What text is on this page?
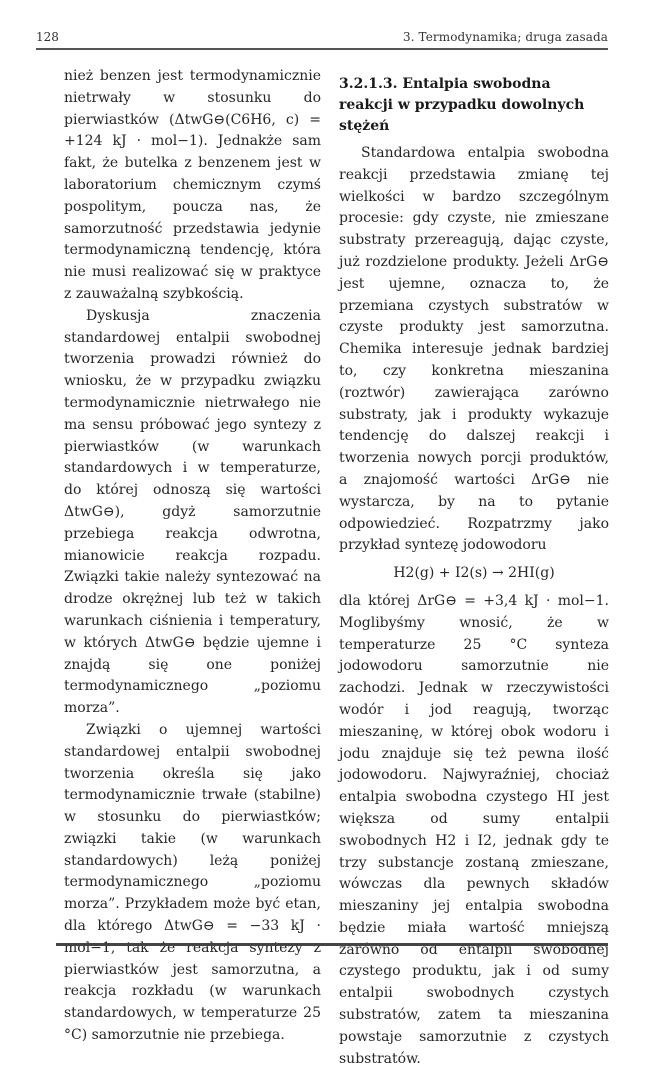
128	3. Termodynamika; druga zasada

nież benzen jest termodynamicznie nietrwały w stosunku do pierwiastków (ΔtwG⊖(C6H6, c) = +124 kJ · mol−1). Jednakże sam fakt, że butelka z benzenem jest w laboratorium chemicznym czymś pospolitym, poucza nas, że samorzutność przedstawia jedynie termodynamiczną tendencję, która nie musi realizować się w praktyce z zauważalną szybkością.

Dyskusja znaczenia standardowej entalpii swobodnej tworzenia prowadzi również do wniosku, że w przypadku związku termodynamicznie nietrwałego nie ma sensu próbować jego syntezy z pierwiastków (w warunkach standardowych i w temperaturze, do której odnoszą się wartości ΔtwG⊖), gdyż samorzutnie przebiega reakcja odwrotna, mianowicie reakcja rozpadu. Związki takie należy syntezować na drodze okrężnej lub też w takich warunkach ciśnienia i temperatury, w których ΔtwG⊖ będzie ujemne i znajdą się one poniżej termodynamicznego „poziomu morza”.

Związki o ujemnej wartości standardowej entalpii swobodnej tworzenia określa się jako termodynamicznie trwałe (stabilne) w stosunku do pierwiastków; związki takie (w warunkach standardowych) leżą poniżej termodynamicznego „poziomu morza”. Przykładem może być etan, dla którego ΔtwG⊖ = −33 kJ · mol−1, tak że reakcja syntezy z pierwiastków jest samorzutna, a reakcja rozkładu (w warunkach standardowych, w temperaturze 25 °C) samorzutnie nie przebiega.

3.2.1.3. Entalpia swobodna reakcji w przypadku dowolnych stężeń

Standardowa entalpia swobodna reakcji przedstawia zmianę tej wielkości w bardzo szczególnym procesie: gdy czyste, nie zmieszane substraty przereagują, dając czyste, już rozdzielone produkty. Jeżeli ΔrG⊖ jest ujemne, oznacza to, że przemiana czystych substratów w czyste produkty jest samorzutna. Chemika interesuje jednak bardziej to, czy konkretna mieszanina (roztwór) zawierająca zarówno substraty, jak i produkty wykazuje tendencję do dalszej reakcji i tworzenia nowych porcji produktów, a znajomość wartości ΔrG⊖ nie wystarcza, by na to pytanie odpowiedzieć. Rozpatrzmy jako przykład syntezę jodowodoru

H2(g) + I2(s) → 2HI(g)

dla której ΔrG⊖ = +3,4 kJ · mol−1. Moglibyśmy wnosić, że w temperaturze 25 °C synteza jodowodoru samorzutnie nie zachodzi. Jednak w rzeczywistości wodór i jod reagują, tworząc mieszaninę, w której obok wodoru i jodu znajduje się też pewna ilość jodowodoru. Najwyraźniej, chociaż entalpia swobodna czystego HI jest większa od sumy entalpii swobodnych H2 i I2, jednak gdy te trzy substancje zostaną zmieszane, wówczas dla pewnych składów mieszaniny jej entalpia swobodna będzie miała wartość mniejszą zarówno od entalpii swobodnej czystego produktu, jak i od sumy entalpii swobodnych czystych substratów, zatem ta mieszanina powstaje samorzutnie z czystych substratów.
